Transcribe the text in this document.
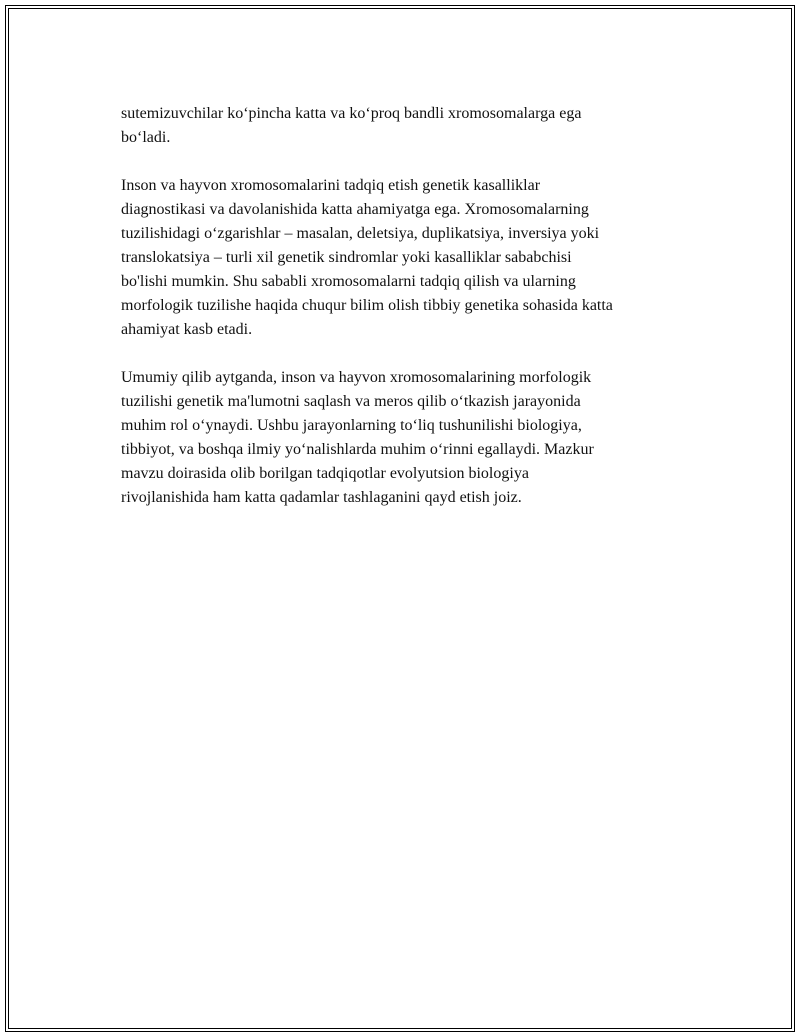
sutemizuvchilar ko‘pincha katta va ko‘proq bandli xromosomalarga ega
bo‘ladi.

Inson va hayvon xromosomalarini tadqiq etish genetik kasalliklar
diagnostikasi va davolanishida katta ahamiyatga ega. Xromosomalarning
tuzilishidagi o‘zgarishlar – masalan, deletsiya, duplikatsiya, inversiya yoki
translokatsiya – turli xil genetik sindromlar yoki kasalliklar sababchisi
bo'lishi mumkin. Shu sababli xromosomalarni tadqiq qilish va ularning
morfologik tuzilishe haqida chuqur bilim olish tibbiy genetika sohasida katta
ahamiyat kasb etadi.

Umumiy qilib aytganda, inson va hayvon xromosomalarining morfologik
tuzilishi genetik ma'lumotni saqlash va meros qilib o‘tkazish jarayonida
muhim rol o‘ynaydi. Ushbu jarayonlarning to‘liq tushunilishi biologiya,
tibbiyot, va boshqa ilmiy yo‘nalishlarda muhim o‘rinni egallaydi. Mazkur
mavzu doirasida olib borilgan tadqiqotlar evolyutsion biologiya
rivojlanishida ham katta qadamlar tashlaganini qayd etish joiz.
